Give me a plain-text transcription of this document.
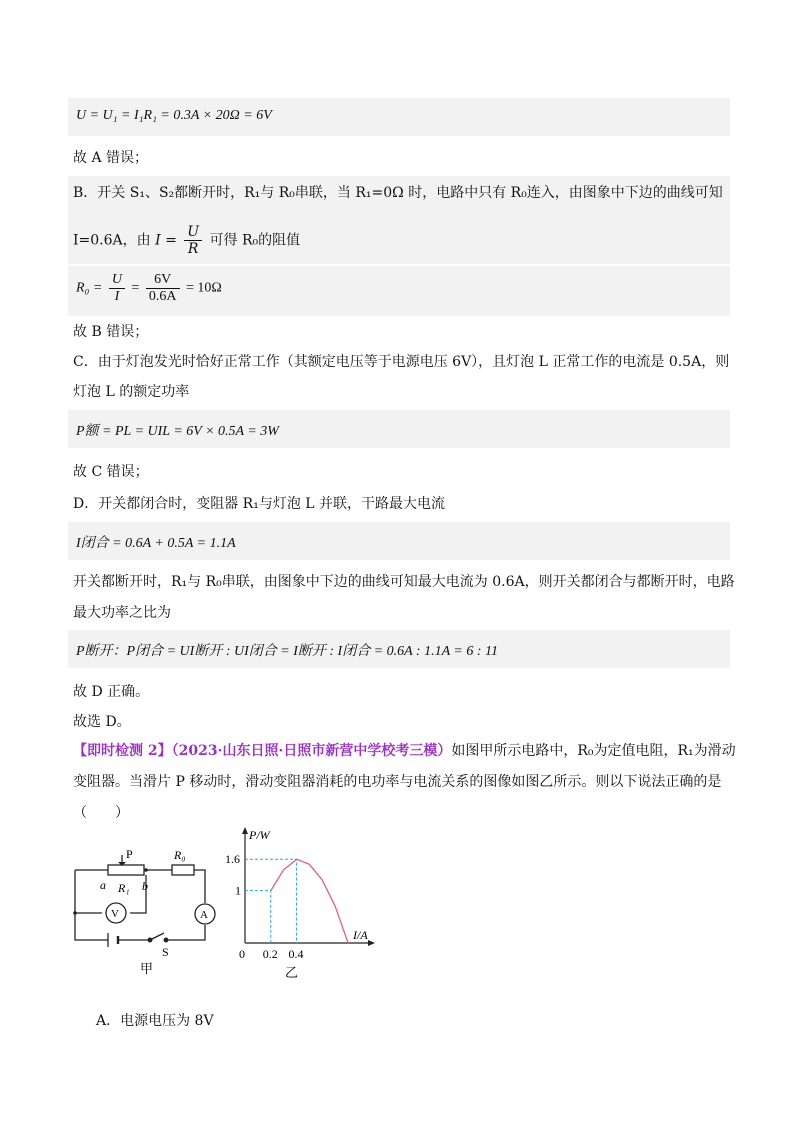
U = U₁ = I₁R₁ = 0.3A × 20Ω = 6V
故 A 错误；
B．开关 S₁、S₂都断开时，R₁与 R₀串联，当 R₁=0Ω 时，电路中只有 R₀连入，由图象中下边的曲线可知
I=0.6A，由 $I = \frac{U}{R}$ 可得 R₀的阻值
$R_0 = \frac{U}{I} = \frac{6V}{0.6A} = 10\Omega$
故 B 错误；
C．由于灯泡发光时恰好正常工作（其额定电压等于电源电压 6V），且灯泡 L 正常工作的电流是 0.5A，则
灯泡 L 的额定功率
P额 = PL = UIL = 6V × 0.5A = 3W
故 C 错误；
D．开关都闭合时，变阻器 R₁与灯泡 L 并联，干路最大电流
I闭合 = 0.6A + 0.5A = 1.1A
开关都断开时，R₁与 R₀串联，由图象中下边的曲线可知最大电流为 0.6A，则开关都闭合与都断开时，电路
最大功率之比为
P断开：P闭合 = UI断开 : UI闭合 = I断开 : I闭合 = 0.6A : 1.1A = 6 : 11
故 D 正确。
故选 D。
【即时检测 2】（2023·山东日照·日照市新营中学校考三模）如图甲所示电路中，R₀为定值电阻，R₁为滑动
变阻器。当滑片 P 移动时，滑动变阻器消耗的电功率与电流关系的图像如图乙所示。则以下说法正确的是
（　　）
P	R₀
a	b
R₁
V	A
S
甲
0 0.2 0.4
1
1.6
I/A
P/W
乙
A．电源电压为 8V
